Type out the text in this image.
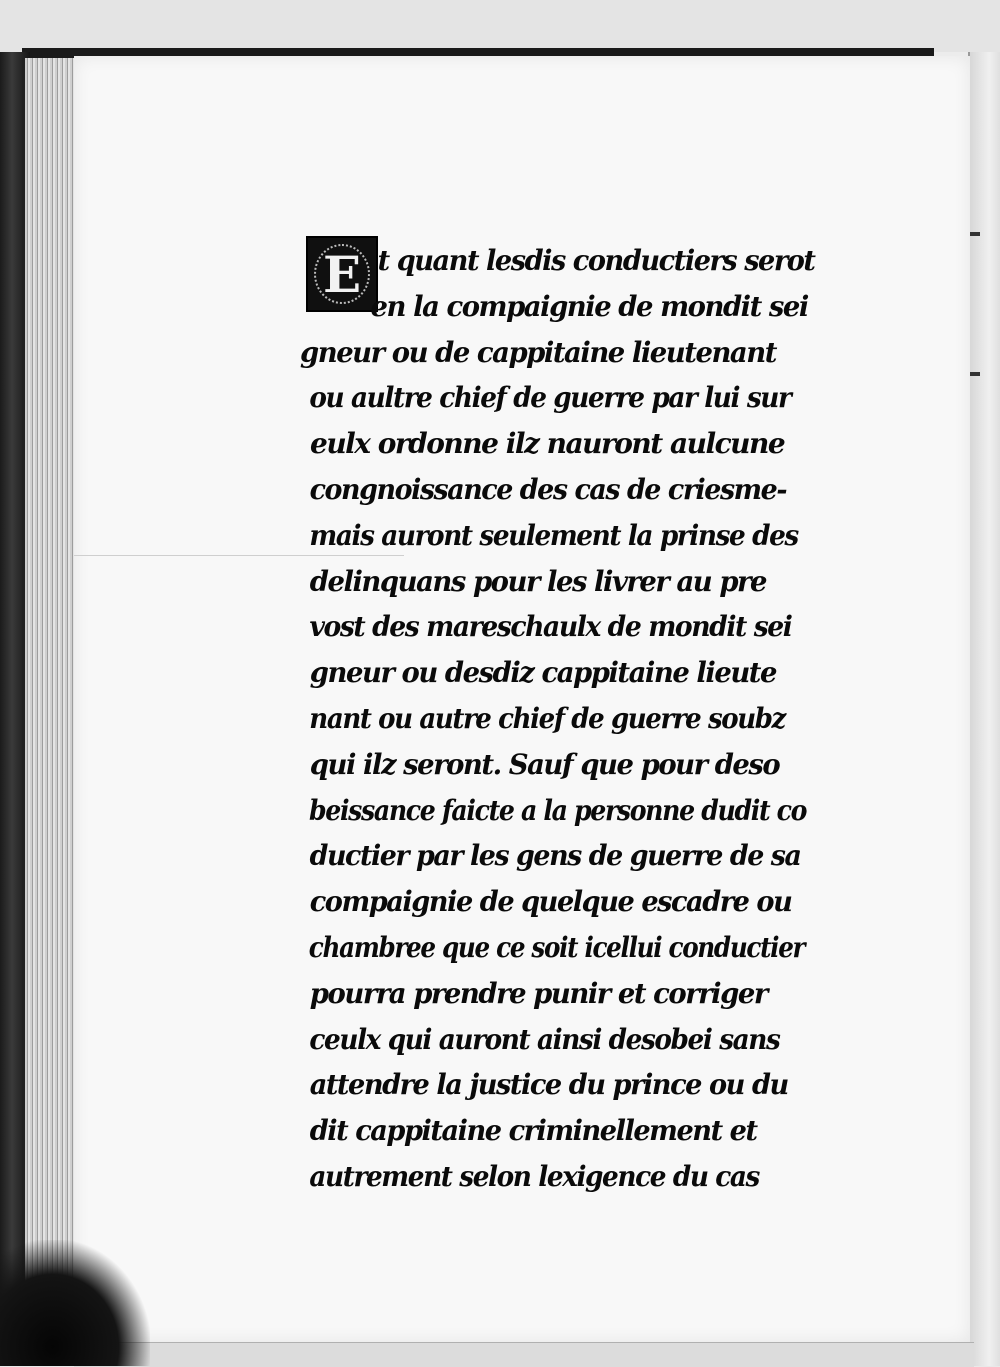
E t quant lesdis conductiers serot
en la compaignie de mondit sei
gneur ou de cappitaine lieutenant
ou aultre chief de guerre par lui sur
eulx ordonne ilz nauront aulcune
congnoissance des cas de criesme-
mais auront seulement la prinse des
delinquans pour les livrer au pre
vost des mareschaulx de mondit sei
gneur ou desdiz cappitaine lieute
nant ou autre chief de guerre soubz
qui ilz seront. Sauf que pour deso
beissance faicte a la personne dudit co
ductier par les gens de guerre de sa
compaignie de quelque escadre ou
chambree que ce soit icellui conductier
pourra prendre punir et corriger
ceulx qui auront ainsi desobei sans
attendre la justice du prince ou du
dit cappitaine criminellement et
autrement selon lexigence du cas
